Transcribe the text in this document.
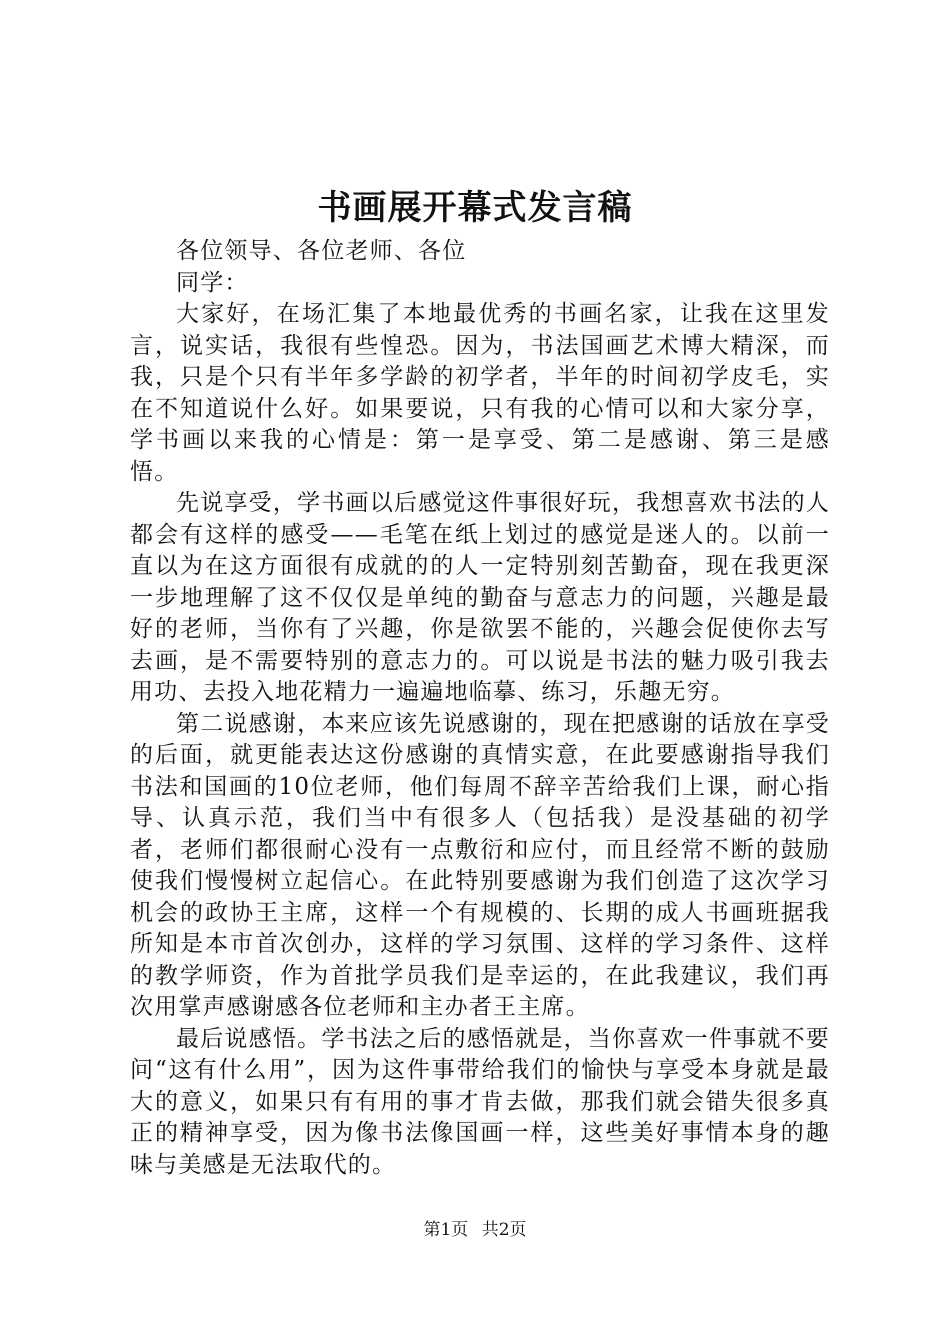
书画展开幕式发言稿
各位领导、各位老师、各位
同学：

大家好，在场汇集了本地最优秀的书画名家，让我在这里发言，说实话，我很有些惶恐。因为，书法国画艺术博大精深，而我，只是个只有半年多学龄的初学者，半年的时间初学皮毛，实在不知道说什么好。如果要说，只有我的心情可以和大家分享，学书画以来我的心情是：第一是享受、第二是感谢、第三是感悟。

先说享受，学书画以后感觉这件事很好玩，我想喜欢书法的人都会有这样的感受——毛笔在纸上划过的感觉是迷人的。以前一直以为在这方面很有成就的的人一定特别刻苦勤奋，现在我更深一步地理解了这不仅仅是单纯的勤奋与意志力的问题，兴趣是最好的老师，当你有了兴趣，你是欲罢不能的，兴趣会促使你去写去画，是不需要特别的意志力的。可以说是书法的魅力吸引我去用功、去投入地花精力一遍遍地临摹、练习，乐趣无穷。

第二说感谢，本来应该先说感谢的，现在把感谢的话放在享受的后面，就更能表达这份感谢的真情实意，在此要感谢指导我们书法和国画的10位老师，他们每周不辞辛苦给我们上课，耐心指导、认真示范，我们当中有很多人（包括我）是没基础的初学者，老师们都很耐心没有一点敷衍和应付，而且经常不断的鼓励使我们慢慢树立起信心。在此特别要感谢为我们创造了这次学习机会的政协王主席，这样一个有规模的、长期的成人书画班据我所知是本市首次创办，这样的学习氛围、这样的学习条件、这样的教学师资，作为首批学员我们是幸运的，在此我建议，我们再次用掌声感谢感各位老师和主办者王主席。

最后说感悟。学书法之后的感悟就是，当你喜欢一件事就不要问“这有什么用”，因为这件事带给我们的愉快与享受本身就是最大的意义，如果只有有用的事才肯去做，那我们就会错失很多真正的精神享受，因为像书法像国画一样，这些美好事情本身的趣味与美感是无法取代的。

第1页 共2页
